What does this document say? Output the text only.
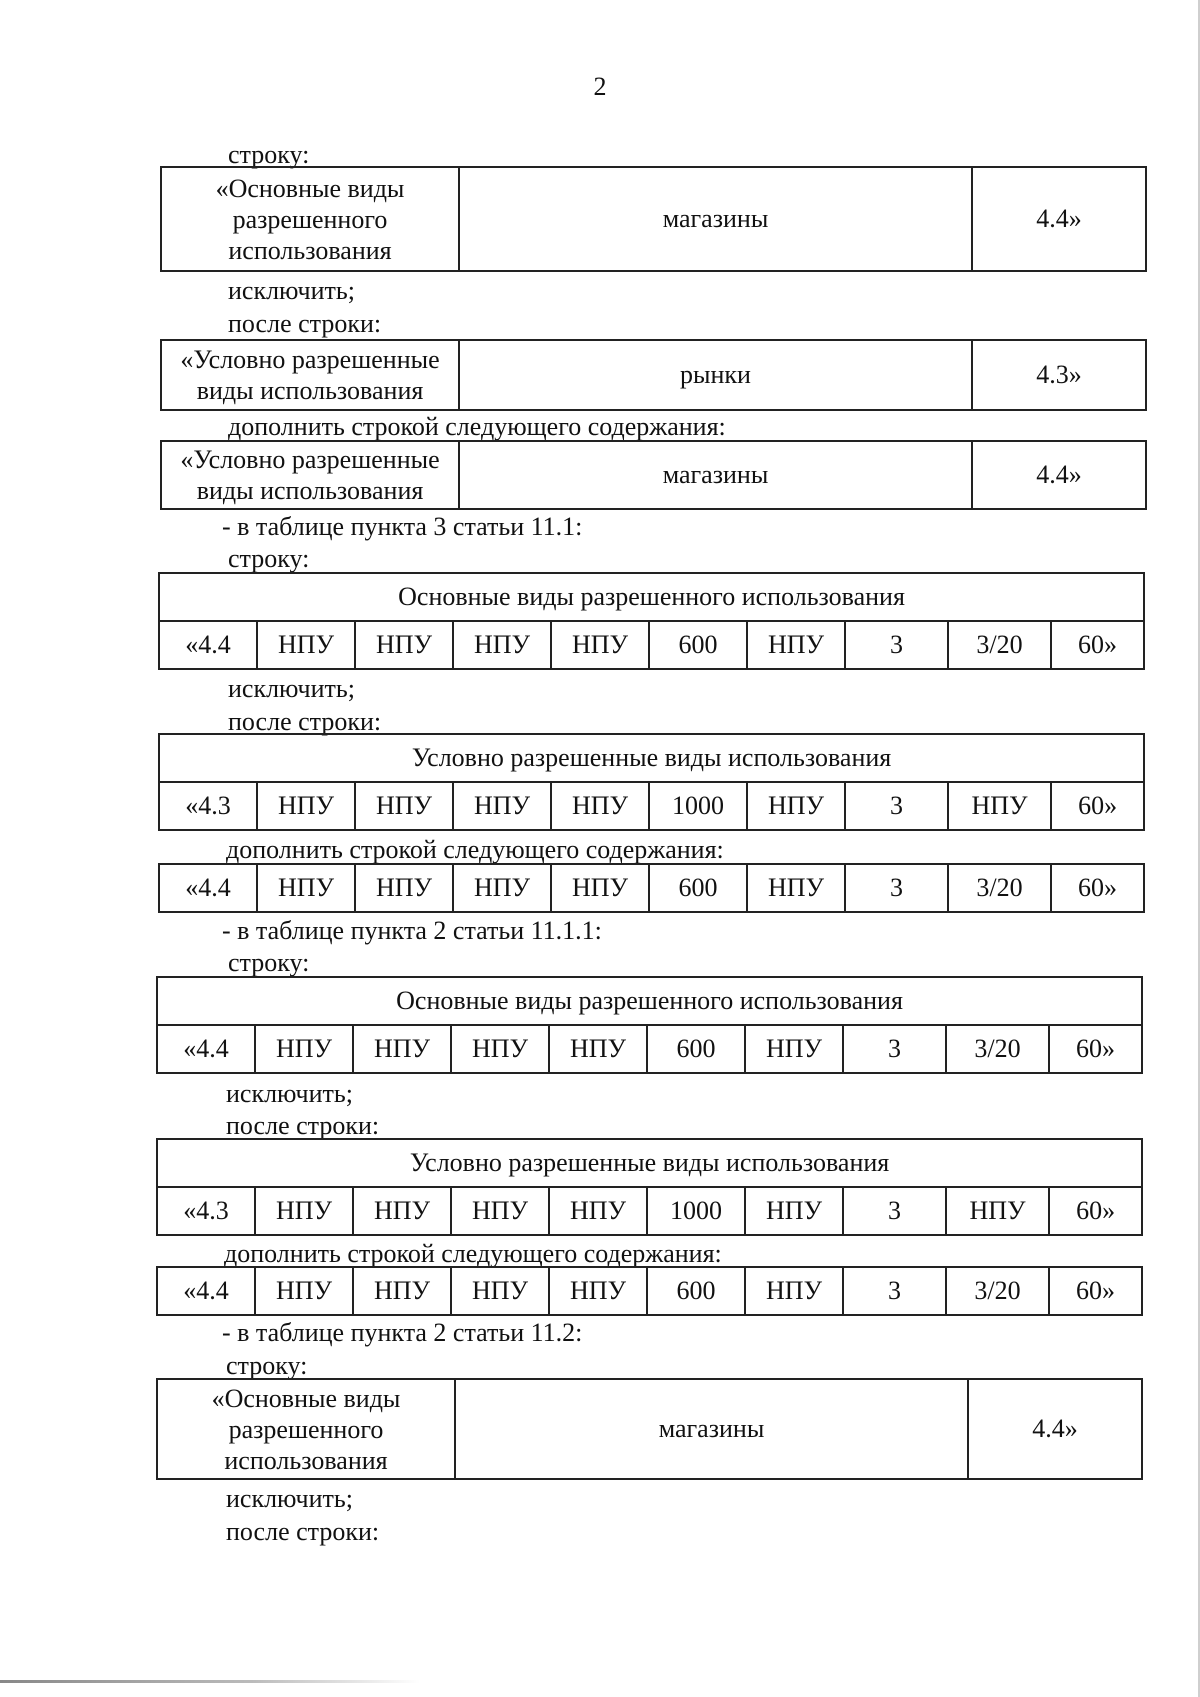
2
строку:
«Основные виды
разрешенного
использования
	магазины	4.4»
исключить;
после строки:
«Условно разрешенные
виды использования
	рынки	4.3»
дополнить строкой следующего содержания:
«Условно разрешенные
виды использования
	магазины	4.4»
- в таблице пункта 3 статьи 11.1:
строку:
Основные виды разрешенного использования
«4.4	НПУ	НПУ	НПУ	НПУ	600	НПУ	3	3/20	60»
исключить;
после строки:
Условно разрешенные виды использования
«4.3	НПУ	НПУ	НПУ	НПУ	1000	НПУ	3	НПУ	60»
дополнить строкой следующего содержания:
«4.4	НПУ	НПУ	НПУ	НПУ	600	НПУ	3	3/20	60»
- в таблице пункта 2 статьи 11.1.1:
строку:
Основные виды разрешенного использования
«4.4	НПУ	НПУ	НПУ	НПУ	600	НПУ	3	3/20	60»
исключить;
после строки:
Условно разрешенные виды использования
«4.3	НПУ	НПУ	НПУ	НПУ	1000	НПУ	3	НПУ	60»
дополнить строкой следующего содержания:
«4.4	НПУ	НПУ	НПУ	НПУ	600	НПУ	3	3/20	60»
- в таблице пункта 2 статьи 11.2:
строку:
«Основные виды
разрешенного
использования
	магазины	4.4»
исключить;
после строки:
